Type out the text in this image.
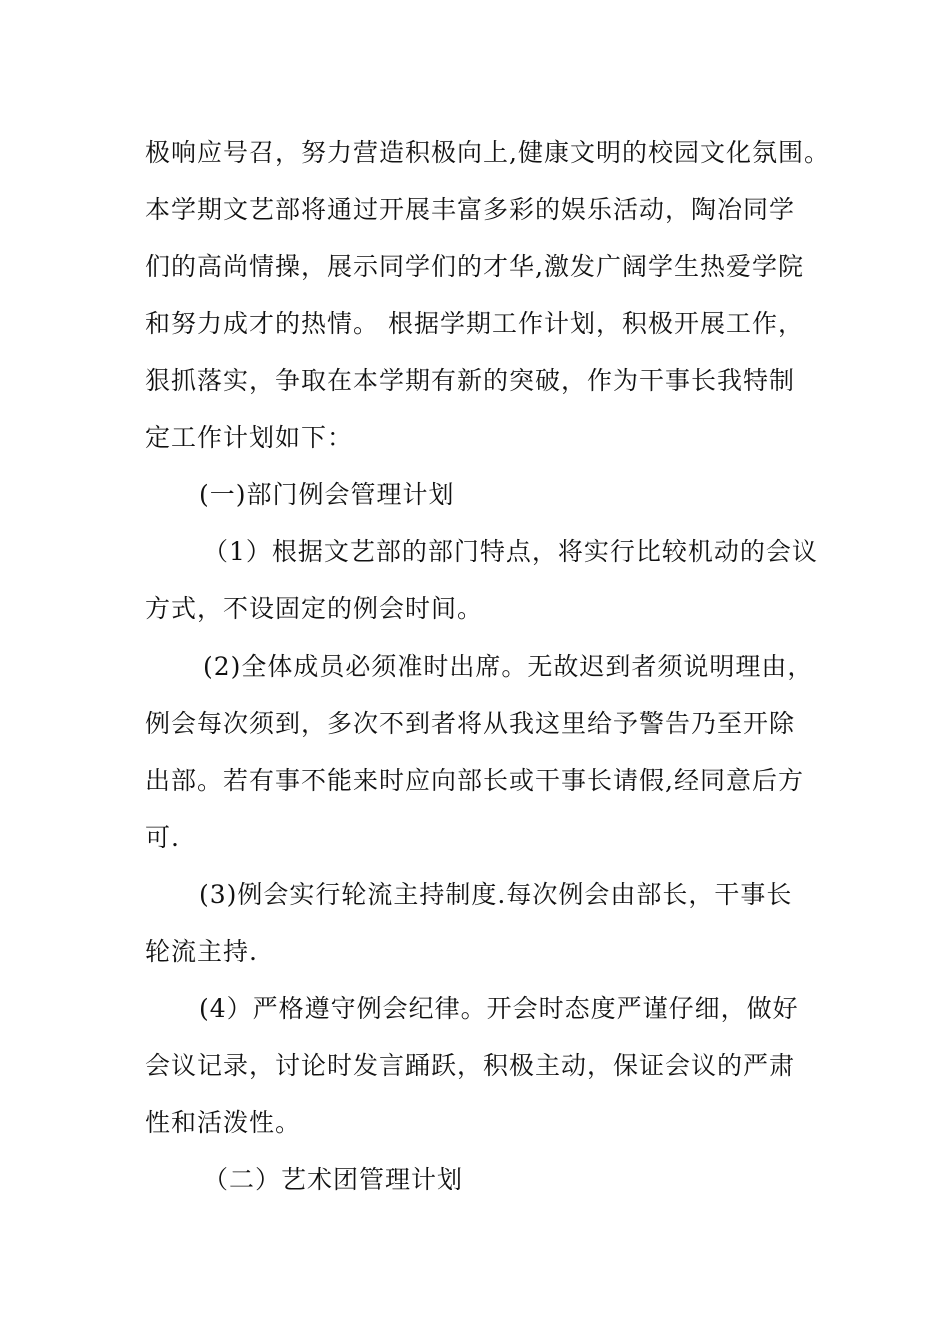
极响应号召，努力营造积极向上,健康文明的校园文化氛围。

本学期文艺部将通过开展丰富多彩的娱乐活动，陶冶同学

们的高尚情操，展示同学们的才华,激发广阔学生热爱学院

和努力成才的热情。 根据学期工作计划，积极开展工作，

狠抓落实，争取在本学期有新的突破，作为干事长我特制

定工作计划如下：

(一)部门例会管理计划

（1）根据文艺部的部门特点，将实行比较机动的会议

方式，不设固定的例会时间。

(2)全体成员必须准时出席。无故迟到者须说明理由，

例会每次须到，多次不到者将从我这里给予警告乃至开除

出部。若有事不能来时应向部长或干事长请假,经同意后方

可.

(3)例会实行轮流主持制度.每次例会由部长，干事长

轮流主持.

(4）严格遵守例会纪律。开会时态度严谨仔细，做好

会议记录，讨论时发言踊跃，积极主动，保证会议的严肃

性和活泼性。

（二）艺术团管理计划
